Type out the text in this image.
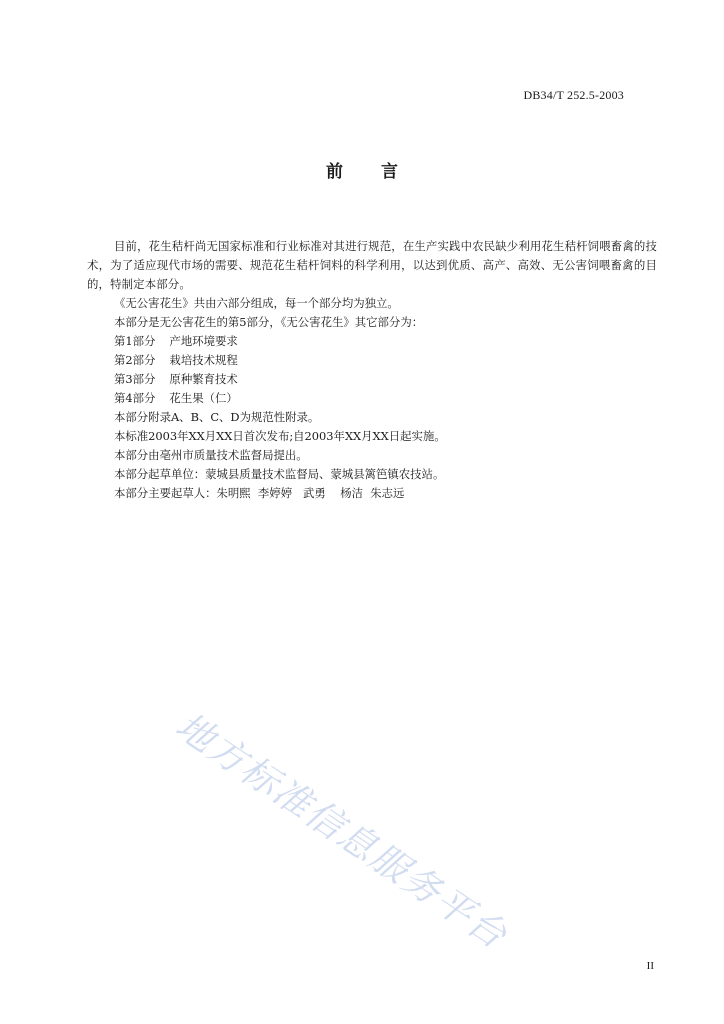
DB34/T 252.5-2003
前言

目前，花生秸杆尚无国家标准和行业标准对其进行规范，在生产实践中农民缺少利用花生秸杆饲喂畜禽的技术，为了适应现代市场的需要、规范花生秸杆饲料的科学利用，以达到优质、高产、高效、无公害饲喂畜禽的目的，特制定本部分。

《无公害花生》共由六部分组成，每一个部分均为独立。

本部分是无公害花生的第5部分，《无公害花生》其它部分为：

第1部分 产地环境要求

第2部分 栽培技术规程

第3部分 原种繁育技术

第4部分 花生果（仁）

本部分附录A、B、C、D为规范性附录。

本标准2003年XX月XX日首次发布;自2003年XX月XX日起实施。

本部分由亳州市质量技术监督局提出。

本部分起草单位：蒙城县质量技术监督局、蒙城县篱笆镇农技站。

本部分主要起草人：朱明熙  李婷婷   武勇    杨洁  朱志远

地方标准信息服务平台
II
